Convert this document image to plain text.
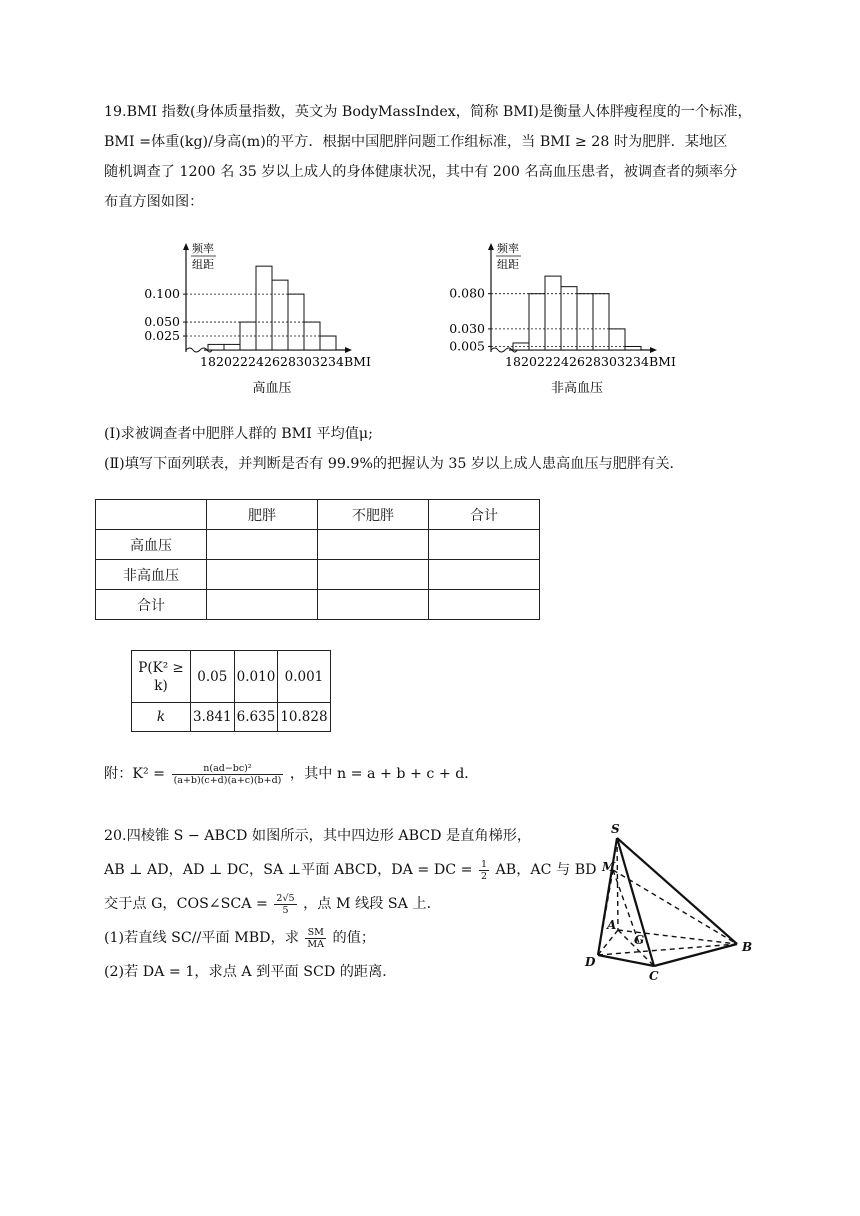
19.BMI 指数(身体质量指数，英文为 BodyMassIndex，简称 BMI)是衡量人体胖瘦程度的一个标准，
BMI =体重(kg)/身高(m)的平方．根据中国肥胖问题工作组标准，当 BMI ≥ 28 时为肥胖．某地区
随机调查了 1200 名 35 岁以上成人的身体健康状况，其中有 200 名高血压患者，被调查者的频率分
布直方图如图：
频率
组距
0.100
0.050
0.025
18 20 22 24 26 28 30 32 34 BMI
高血压
频率
组距
0.080
0.030
0.005
18 20 22 24 26 28 30 32 34 BMI
非高血压
(Ⅰ)求被调查者中肥胖人群的 BMI 平均值μ;
(Ⅱ)填写下面列联表，并判断是否有 99.9%的把握认为 35 岁以上成人患高血压与肥胖有关．
	肥胖	不肥胖	合计
高血压			
非高血压			
合计			
P(K² ≥ k)	0.05	0.010	0.001
k	3.841	6.635	10.828
附：$K^2 = \frac{\text{n(ad−bc)²}}{(a+b)(c+d)(a+c)(b+d)}$ ，其中 n = a + b + c + d．
20.四棱锥 S − ABCD 如图所示，其中四边形 ABCD 是直角梯形，
AB ⊥ AD，AD ⊥ DC，SA ⊥平面 ABCD，DA = DC = $\frac{1}{2}$ AB，AC 与 BD
交于点 G，COS∠SCA = $\frac{2√5}{5}$ ，点 M 线段 SA 上．
(1)若直线 SC//平面 MBD，求 $\frac{SM}{MA}$ 的值；
(2)若 DA = 1，求点 A 到平面 SCD 的距离．
S
M
A
G	B
D
C
